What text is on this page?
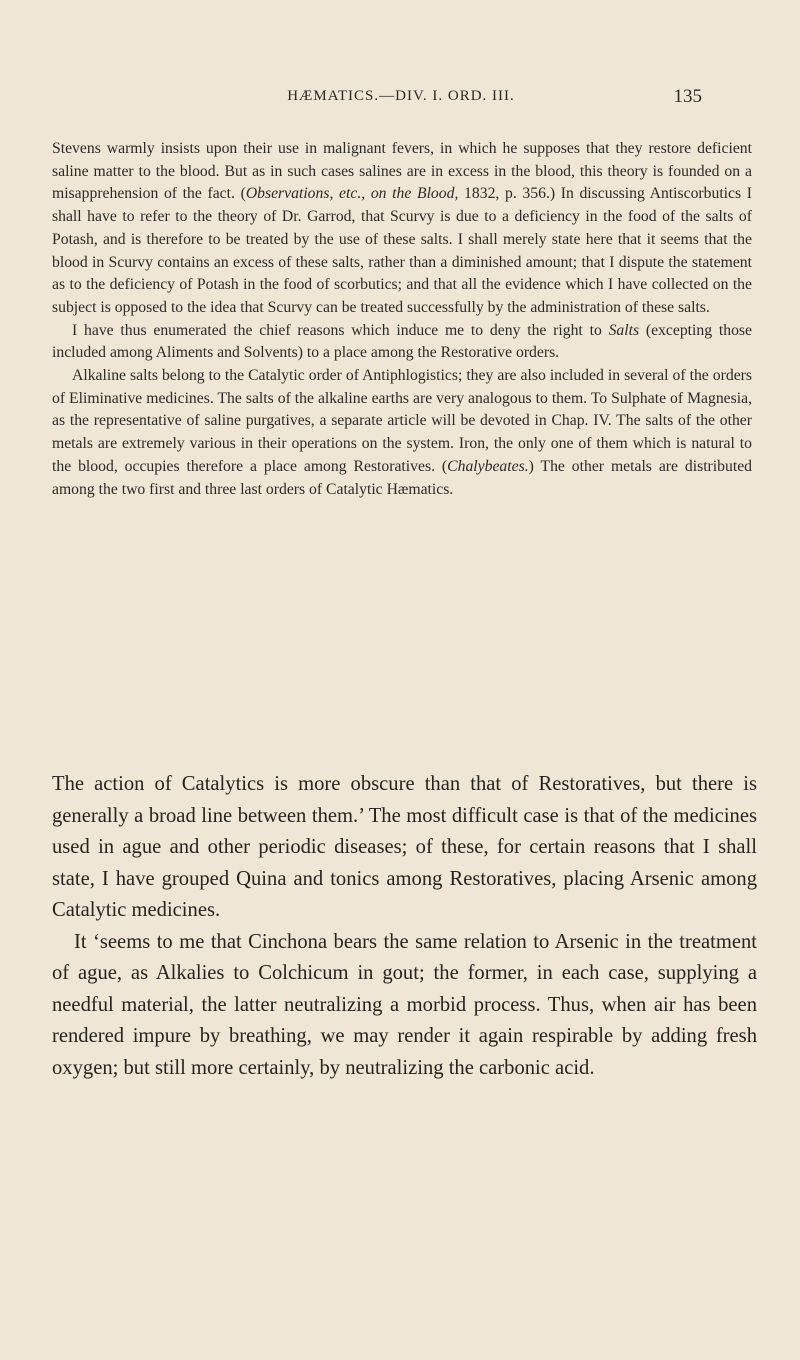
HÆMATICS.—DIV. I. ORD. III.	135

Stevens warmly insists upon their use in malignant fevers, in which he supposes that they restore deficient saline matter to the blood. But as in such cases salines are in excess in the blood, this theory is founded on a misapprehension of the fact. (Observations, etc., on the Blood, 1832, p. 356.) In discussing Antiscorbutics I shall have to refer to the theory of Dr. Garrod, that Scurvy is due to a deficiency in the food of the salts of Potash, and is therefore to be treated by the use of these salts. I shall merely state here that it seems that the blood in Scurvy contains an excess of these salts, rather than a diminished amount; that I dispute the statement as to the deficiency of Potash in the food of scorbutics; and that all the evidence which I have collected on the subject is opposed to the idea that Scurvy can be treated successfully by the administration of these salts.

I have thus enumerated the chief reasons which induce me to deny the right to Salts (excepting those included among Aliments and Solvents) to a place among the Restorative orders.

Alkaline salts belong to the Catalytic order of Antiphlogistics; they are also included in several of the orders of Eliminative medicines. The salts of the alkaline earths are very analogous to them. To Sulphate of Magnesia, as the representative of saline purgatives, a separate article will be devoted in Chap. IV. The salts of the other metals are extremely various in their operations on the system. Iron, the only one of them which is natural to the blood, occupies therefore a place among Restoratives. (Chalybeates.) The other metals are distributed among the two first and three last orders of Catalytic Hæmatics.

The action of Catalytics is more obscure than that of Restoratives, but there is generally a broad line between them.’ The most difficult case is that of the medicines used in ague and other periodic diseases; of these, for certain reasons that I shall state, I have grouped Quina and tonics among Restoratives, placing Arsenic among Catalytic medicines.

It ‘seems to me that Cinchona bears the same relation to Arsenic in the treatment of ague, as Alkalies to Colchicum in gout; the former, in each case, supplying a needful material, the latter neutralizing a morbid process. Thus, when air has been rendered impure by breathing, we may render it again respirable by adding fresh oxygen; but still more certainly, by neutralizing the carbonic acid.
